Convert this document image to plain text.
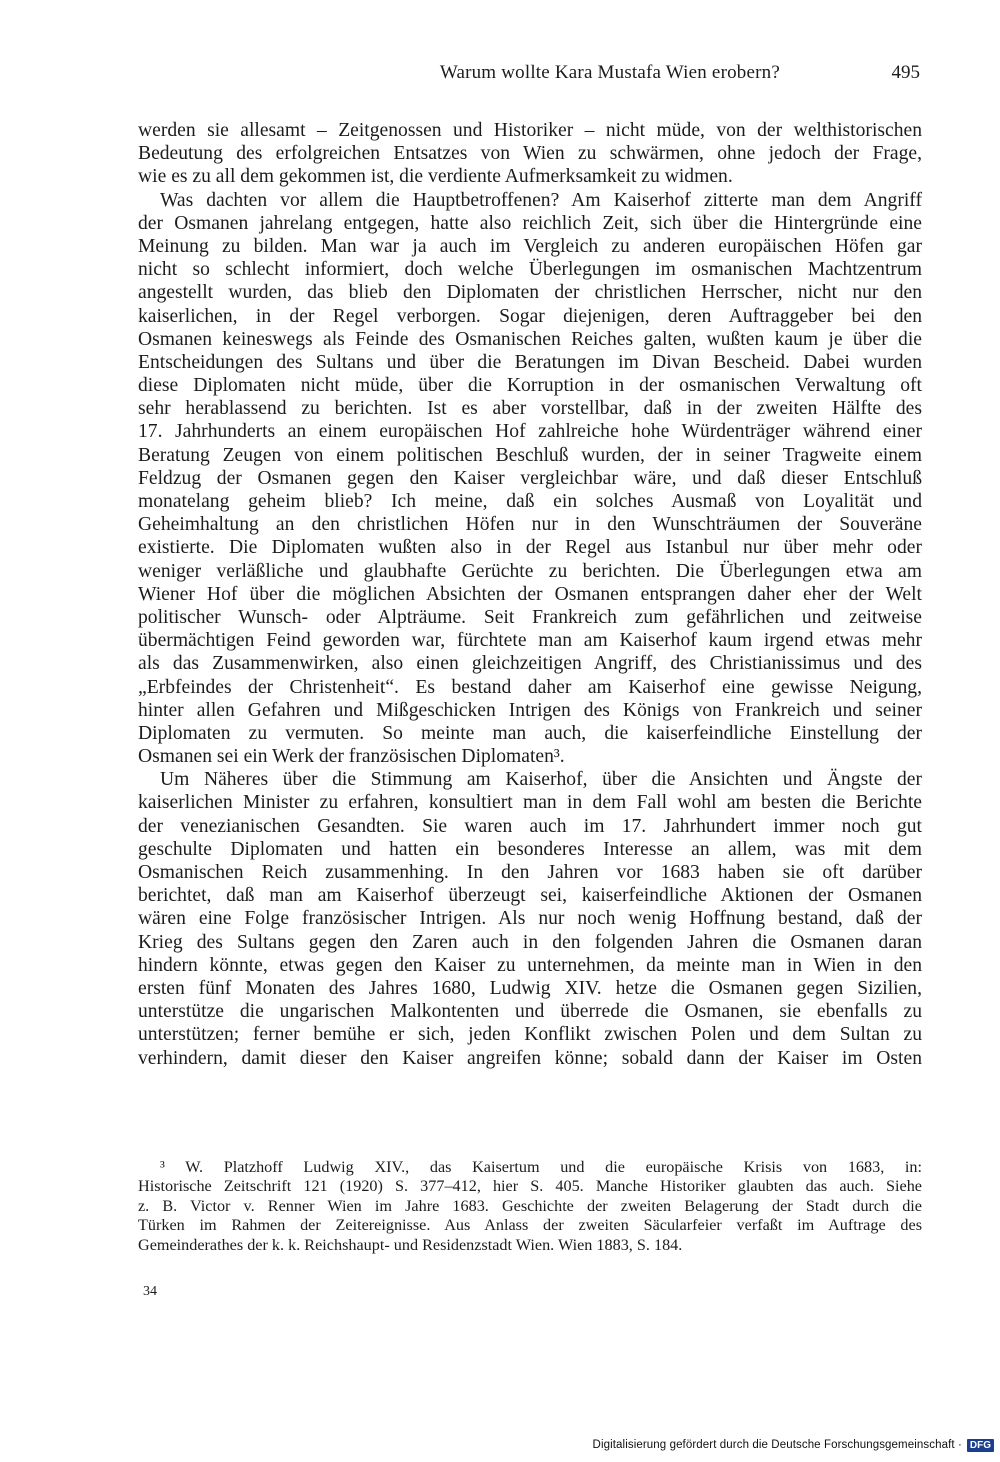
Warum wollte Kara Mustafa Wien erobern?	495
werden sie allesamt – Zeitgenossen und Historiker – nicht müde, von der welthistorischen
Bedeutung des erfolgreichen Entsatzes von Wien zu schwärmen, ohne jedoch der Frage,
wie es zu all dem gekommen ist, die verdiente Aufmerksamkeit zu widmen.
Was dachten vor allem die Hauptbetroffenen? Am Kaiserhof zitterte man dem Angriff
der Osmanen jahrelang entgegen, hatte also reichlich Zeit, sich über die Hintergründe eine
Meinung zu bilden. Man war ja auch im Vergleich zu anderen europäischen Höfen gar
nicht so schlecht informiert, doch welche Überlegungen im osmanischen Machtzentrum
angestellt wurden, das blieb den Diplomaten der christlichen Herrscher, nicht nur den
kaiserlichen, in der Regel verborgen. Sogar diejenigen, deren Auftraggeber bei den
Osmanen keineswegs als Feinde des Osmanischen Reiches galten, wußten kaum je über die
Entscheidungen des Sultans und über die Beratungen im Divan Bescheid. Dabei wurden
diese Diplomaten nicht müde, über die Korruption in der osmanischen Verwaltung oft
sehr herablassend zu berichten. Ist es aber vorstellbar, daß in der zweiten Hälfte des
17. Jahrhunderts an einem europäischen Hof zahlreiche hohe Würdenträger während einer
Beratung Zeugen von einem politischen Beschluß wurden, der in seiner Tragweite einem
Feldzug der Osmanen gegen den Kaiser vergleichbar wäre, und daß dieser Entschluß
monatelang geheim blieb? Ich meine, daß ein solches Ausmaß von Loyalität und
Geheimhaltung an den christlichen Höfen nur in den Wunschträumen der Souveräne
existierte. Die Diplomaten wußten also in der Regel aus Istanbul nur über mehr oder
weniger verläßliche und glaubhafte Gerüchte zu berichten. Die Überlegungen etwa am
Wiener Hof über die möglichen Absichten der Osmanen entsprangen daher eher der Welt
politischer Wunsch- oder Alpträume. Seit Frankreich zum gefährlichen und zeitweise
übermächtigen Feind geworden war, fürchtete man am Kaiserhof kaum irgend etwas mehr
als das Zusammenwirken, also einen gleichzeitigen Angriff, des Christianissimus und des
„Erbfeindes der Christenheit“. Es bestand daher am Kaiserhof eine gewisse Neigung,
hinter allen Gefahren und Mißgeschicken Intrigen des Königs von Frankreich und seiner
Diplomaten zu vermuten. So meinte man auch, die kaiserfeindliche Einstellung der
Osmanen sei ein Werk der französischen Diplomaten³.
Um Näheres über die Stimmung am Kaiserhof, über die Ansichten und Ängste der
kaiserlichen Minister zu erfahren, konsultiert man in dem Fall wohl am besten die Berichte
der venezianischen Gesandten. Sie waren auch im 17. Jahrhundert immer noch gut
geschulte Diplomaten und hatten ein besonderes Interesse an allem, was mit dem
Osmanischen Reich zusammenhing. In den Jahren vor 1683 haben sie oft darüber
berichtet, daß man am Kaiserhof überzeugt sei, kaiserfeindliche Aktionen der Osmanen
wären eine Folge französischer Intrigen. Als nur noch wenig Hoffnung bestand, daß der
Krieg des Sultans gegen den Zaren auch in den folgenden Jahren die Osmanen daran
hindern könnte, etwas gegen den Kaiser zu unternehmen, da meinte man in Wien in den
ersten fünf Monaten des Jahres 1680, Ludwig XIV. hetze die Osmanen gegen Sizilien,
unterstütze die ungarischen Malkontenten und überrede die Osmanen, sie ebenfalls zu
unterstützen; ferner bemühe er sich, jeden Konflikt zwischen Polen und dem Sultan zu
verhindern, damit dieser den Kaiser angreifen könne; sobald dann der Kaiser im Osten
³ W. Platzhoff Ludwig XIV., das Kaisertum und die europäische Krisis von 1683, in:
Historische Zeitschrift 121 (1920) S. 377–412, hier S. 405. Manche Historiker glaubten das auch. Siehe
z. B. Victor v. Renner Wien im Jahre 1683. Geschichte der zweiten Belagerung der Stadt durch die
Türken im Rahmen der Zeitereignisse. Aus Anlass der zweiten Säcularfeier verfaßt im Auftrage des
Gemeinderathes der k. k. Reichshaupt- und Residenzstadt Wien. Wien 1883, S. 184.
34
Digitalisierung gefördert durch die Deutsche Forschungsgemeinschaft · DFG
